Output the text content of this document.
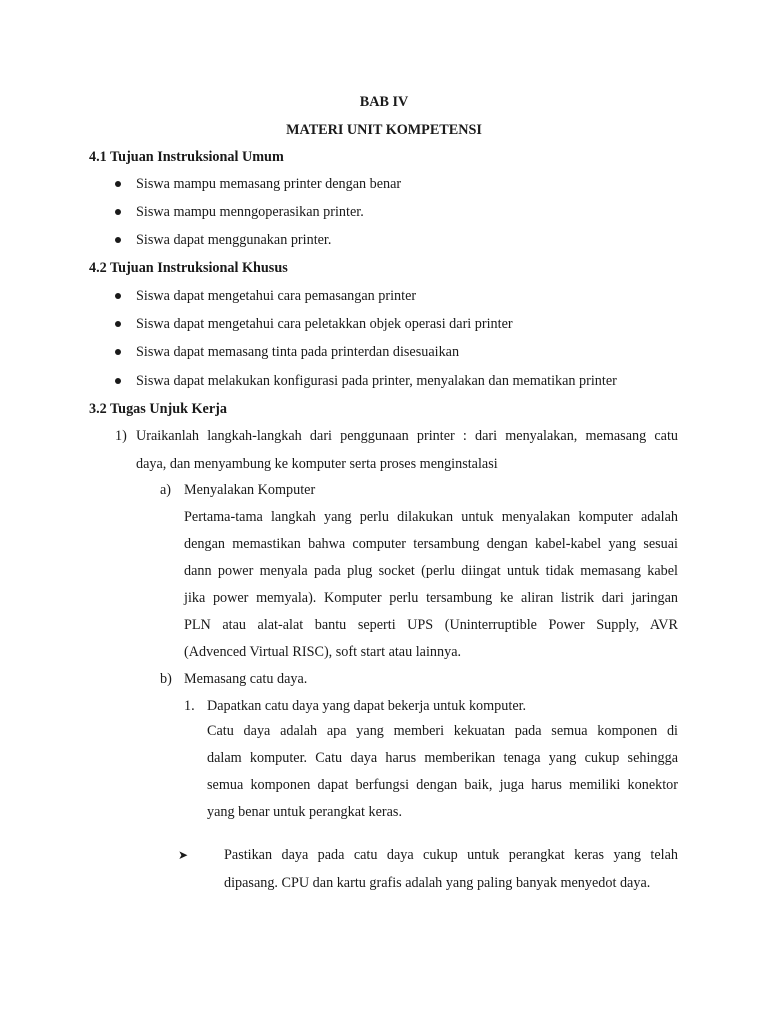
BAB IV
MATERI UNIT KOMPETENSI
4.1 Tujuan Instruksional Umum
Siswa mampu memasang printer dengan benar
Siswa mampu menngoperasikan printer.
Siswa dapat menggunakan printer.
4.2 Tujuan Instruksional Khusus
Siswa dapat mengetahui cara pemasangan printer
Siswa dapat mengetahui cara peletakkan objek operasi dari printer
Siswa dapat memasang tinta pada printerdan disesuaikan
Siswa dapat melakukan konfigurasi pada printer, menyalakan dan mematikan printer
3.2 Tugas Unjuk Kerja
1) Uraikanlah langkah-langkah dari penggunaan printer : dari menyalakan, memasang catu
daya, dan menyambung ke komputer serta proses menginstalasi
a) Menyalakan Komputer
Pertama-tama langkah yang perlu dilakukan untuk menyalakan komputer adalah
dengan memastikan bahwa computer tersambung dengan kabel-kabel yang sesuai
dann power menyala pada plug socket (perlu diingat untuk tidak memasang kabel
jika power memyala). Komputer perlu tersambung ke aliran listrik dari jaringan
PLN atau alat-alat bantu seperti UPS (Uninterruptible Power Supply, AVR
(Advenced Virtual RISC), soft start atau lainnya.
b) Memasang catu daya.
1. Dapatkan catu daya yang dapat bekerja untuk komputer.
Catu daya adalah apa yang memberi kekuatan pada semua komponen di
dalam komputer. Catu daya harus memberikan tenaga yang cukup sehingga
semua komponen dapat berfungsi dengan baik, juga harus memiliki konektor
yang benar untuk perangkat keras.
➤	Pastikan daya pada catu daya cukup untuk perangkat keras yang telah
dipasang. CPU dan kartu grafis adalah yang paling banyak menyedot daya.
